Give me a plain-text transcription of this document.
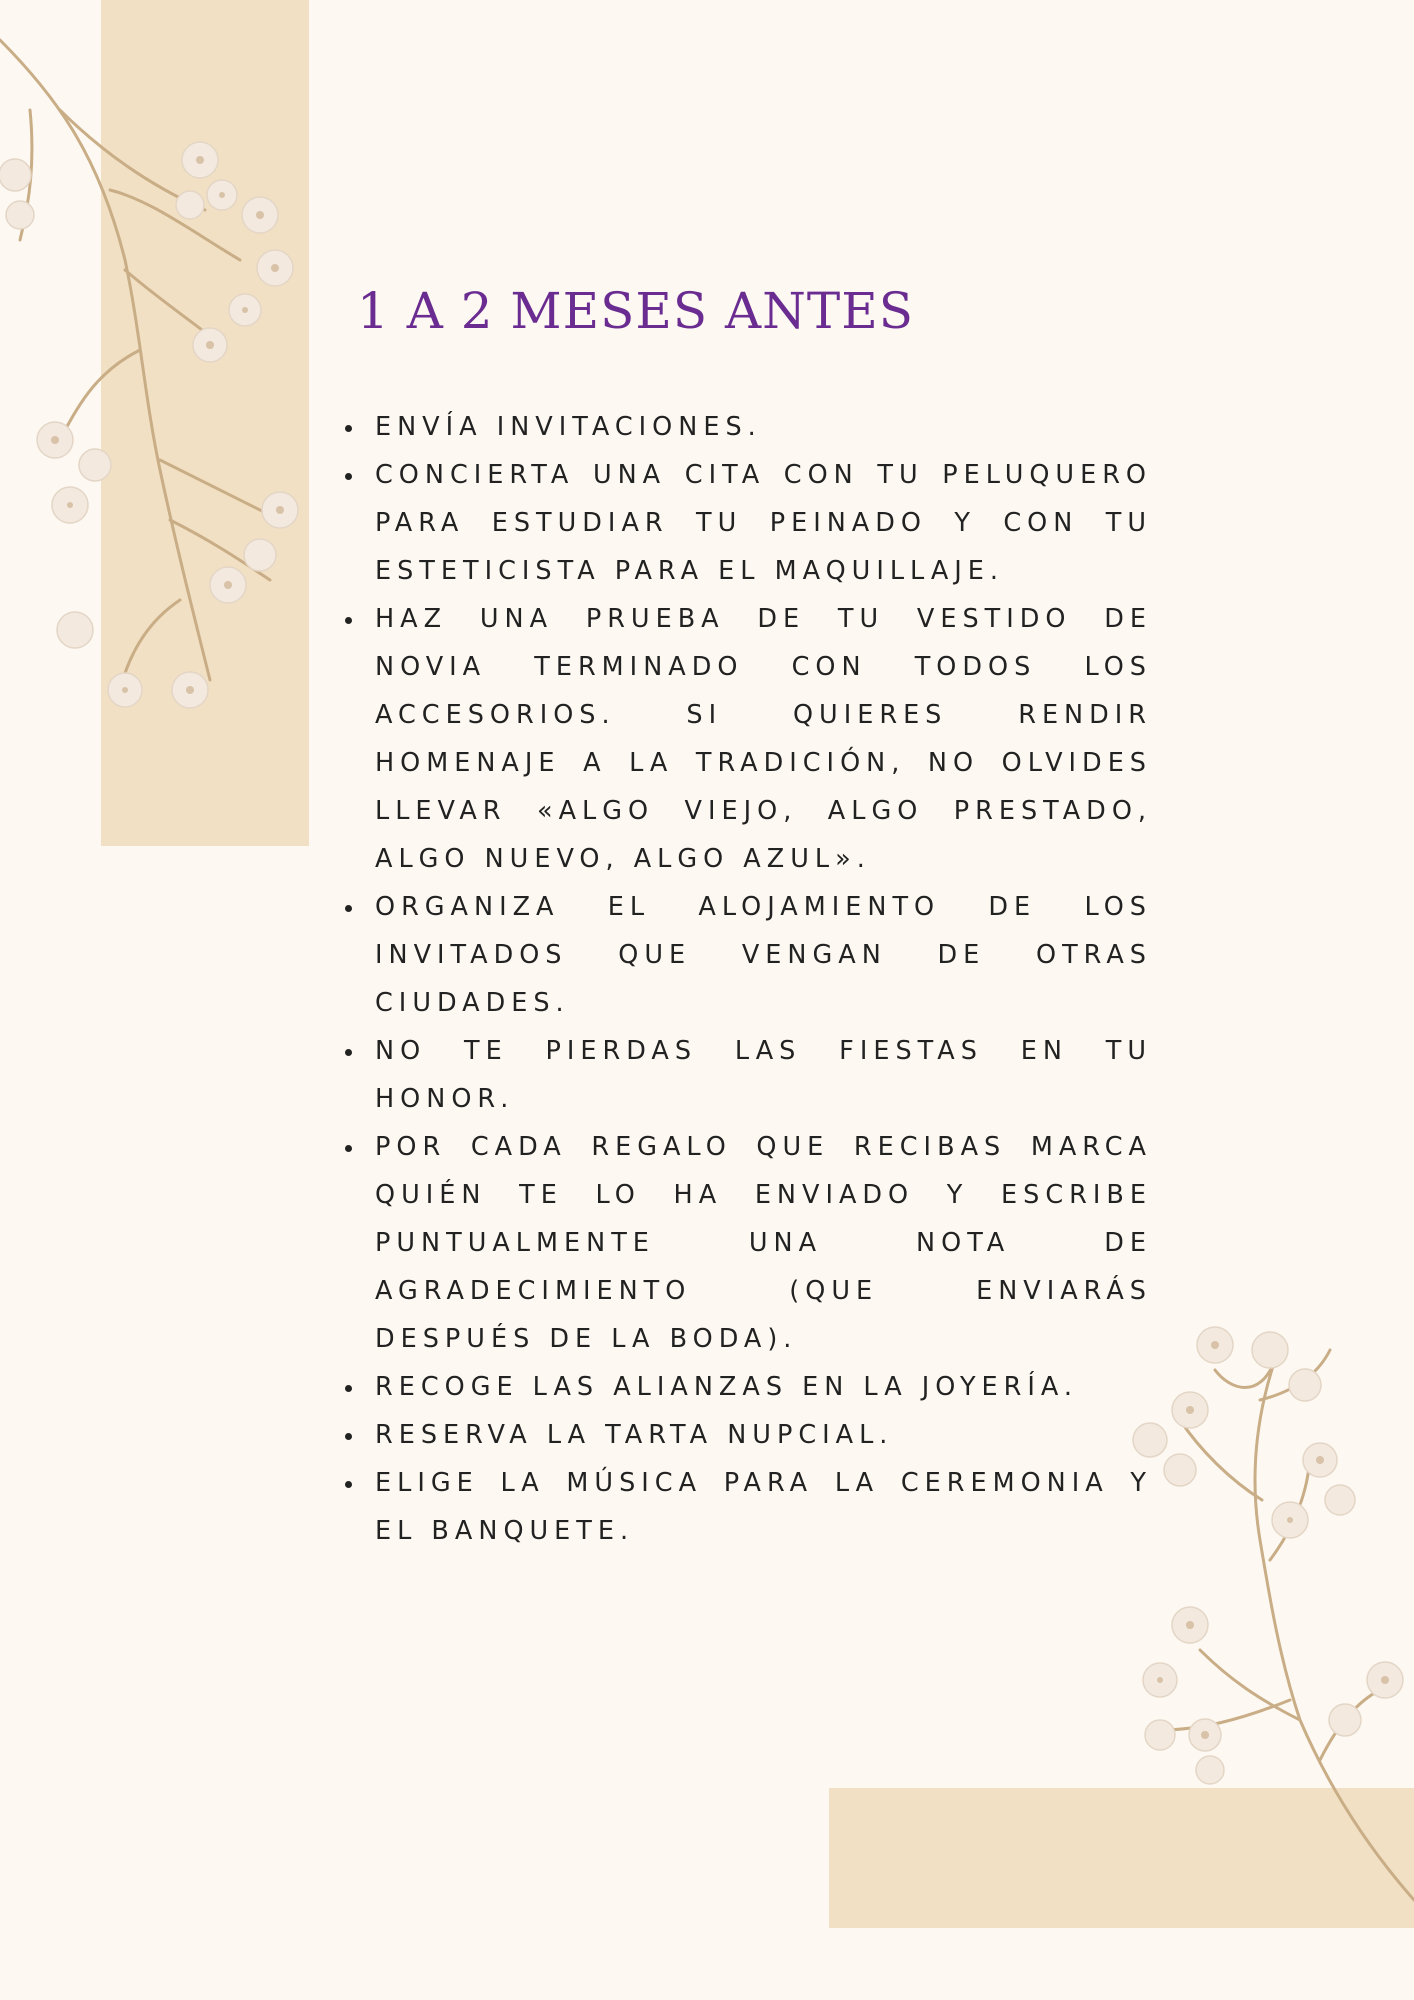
1 A 2 MESES ANTES
ENVÍA INVITACIONES.
CONCIERTA UNA CITA CON TU PELUQUERO PARA ESTUDIAR TU PEINADO Y CON TU ESTETICISTA PARA EL MAQUILLAJE.
HAZ UNA PRUEBA DE TU VESTIDO DE NOVIA TERMINADO CON TODOS LOS ACCESORIOS. SI QUIERES RENDIR HOMENAJE A LA TRADICIÓN, NO OLVIDES LLEVAR «ALGO VIEJO, ALGO PRESTADO, ALGO NUEVO, ALGO AZUL».
ORGANIZA EL ALOJAMIENTO DE LOS INVITADOS QUE VENGAN DE OTRAS CIUDADES.
NO TE PIERDAS LAS FIESTAS EN TU HONOR.
POR CADA REGALO QUE RECIBAS MARCA QUIÉN TE LO HA ENVIADO Y ESCRIBE PUNTUALMENTE UNA NOTA DE AGRADECIMIENTO (QUE ENVIARÁS DESPUÉS DE LA BODA).
RECOGE LAS ALIANZAS EN LA JOYERÍA.
RESERVA LA TARTA NUPCIAL.
ELIGE LA MÚSICA PARA LA CEREMONIA Y EL BANQUETE.
